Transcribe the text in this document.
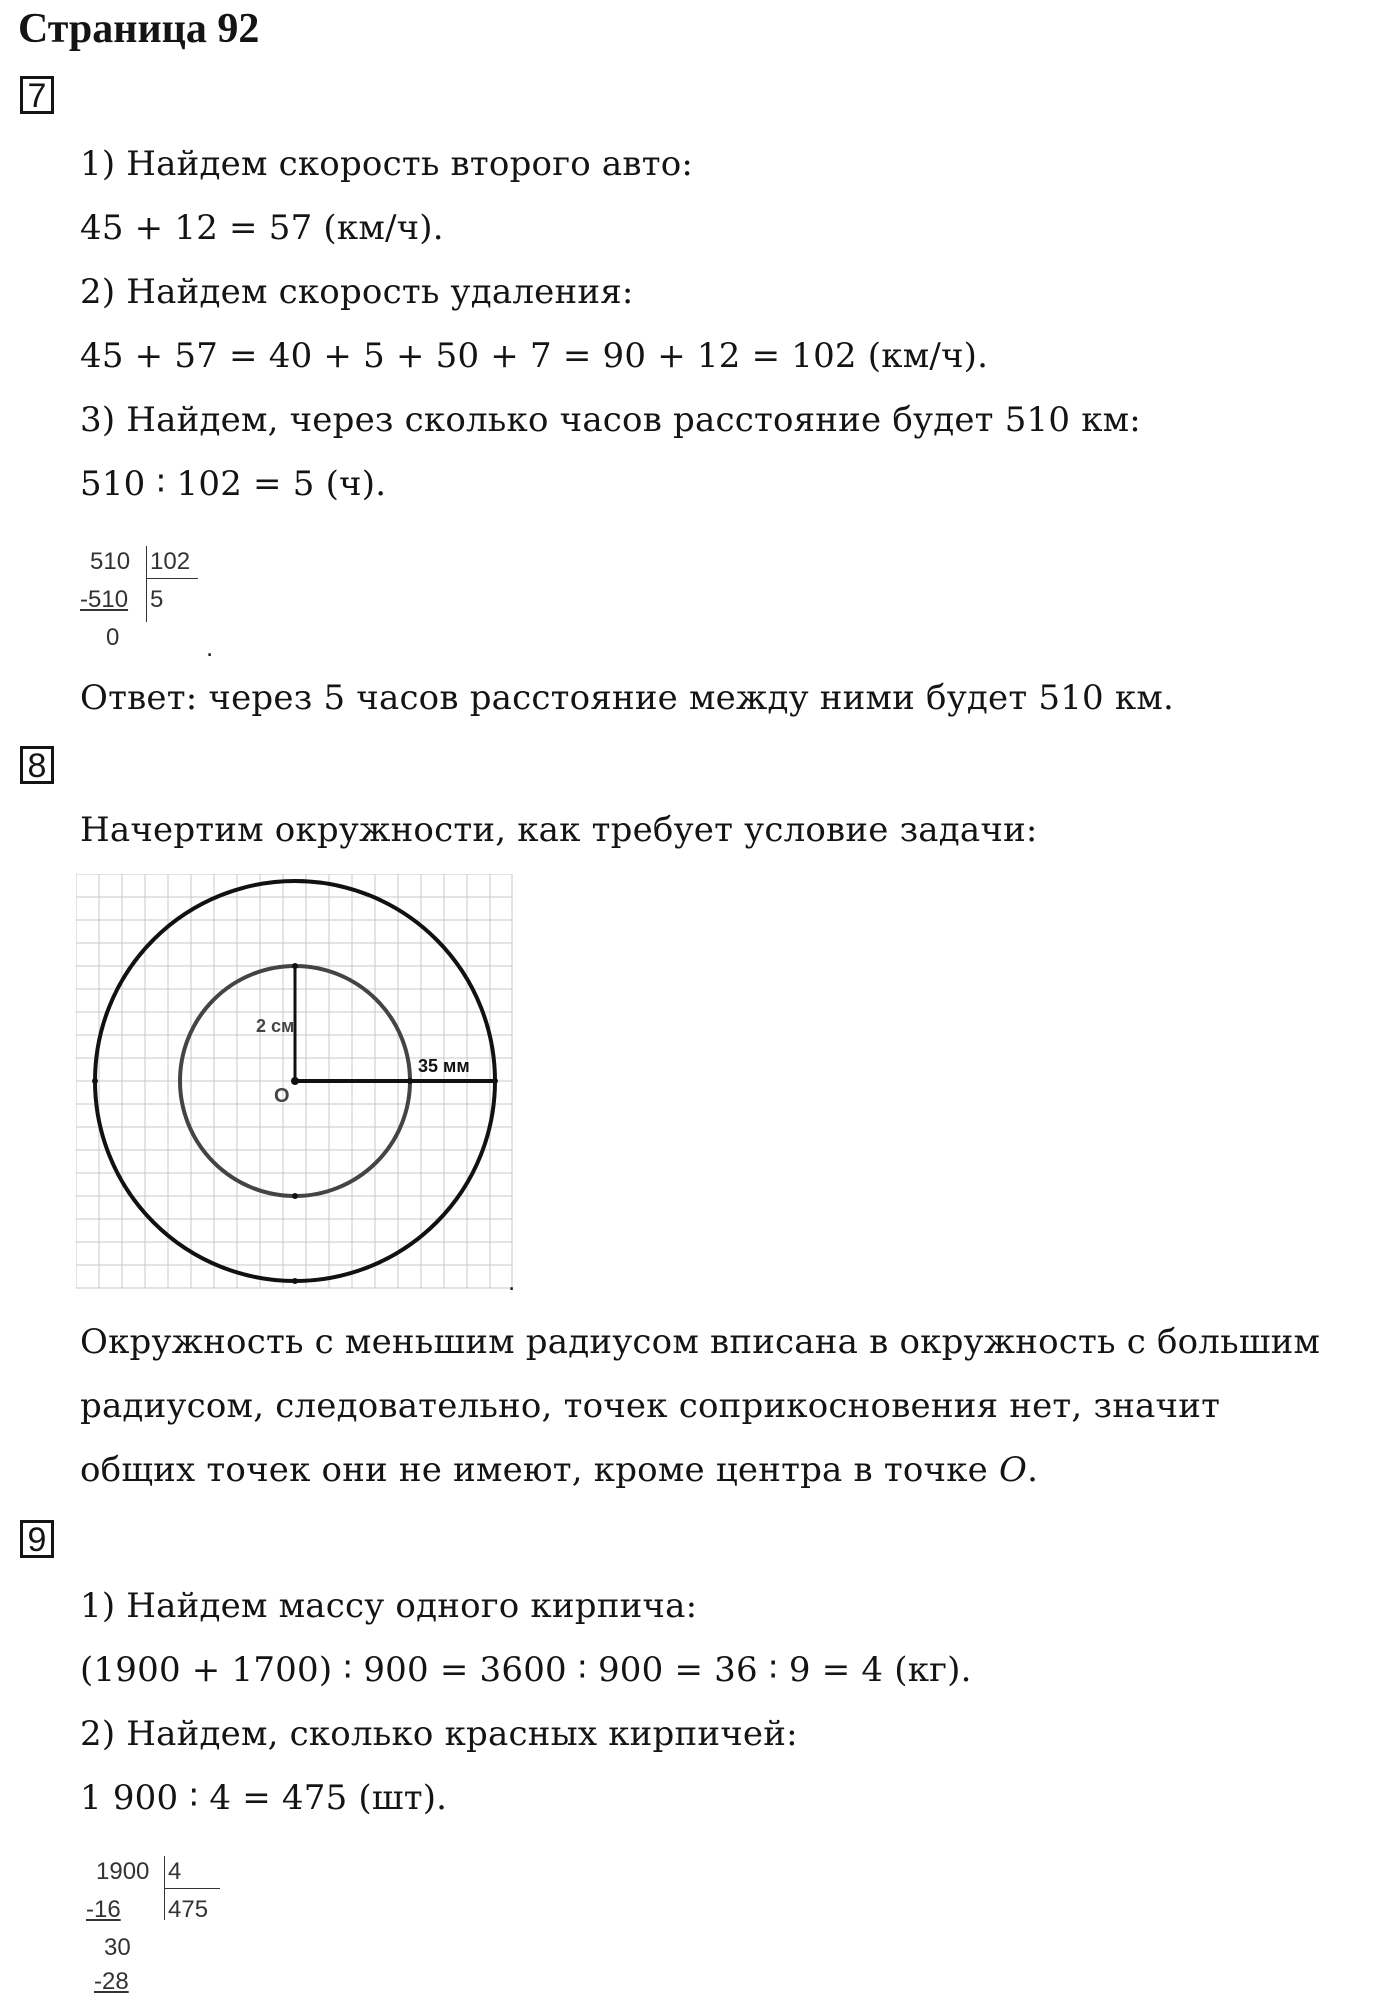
Страница 92
7
1) Найдем скорость второго авто:
45 + 12 = 57 (км/ч).
2) Найдем скорость удаления:
45 + 57 = 40 + 5 + 50 + 7 = 90 + 12 = 102 (км/ч).
3) Найдем, через сколько часов расстояние будет 510 км:
510 ∶ 102 = 5 (ч).
510 102
-510 5
0	.
Ответ: через 5 часов расстояние между ними будет 510 км.
8
Начертим окружности, как требует условие задачи:
2 см
35 мм
О
.
Окружность с меньшим радиусом вписана в окружность с большим
радиусом, следовательно, точек соприкосновения нет, значит
общих точек они не имеют, кроме центра в точке O.
9
1) Найдем массу одного кирпича:
(1900 + 1700) ∶ 900 = 3600 ∶ 900 = 36 ∶ 9 = 4 (кг).
2) Найдем, сколько красных кирпичей:
1 900 ∶ 4 = 475 (шт).
1900 4
-16 475
30
-28
